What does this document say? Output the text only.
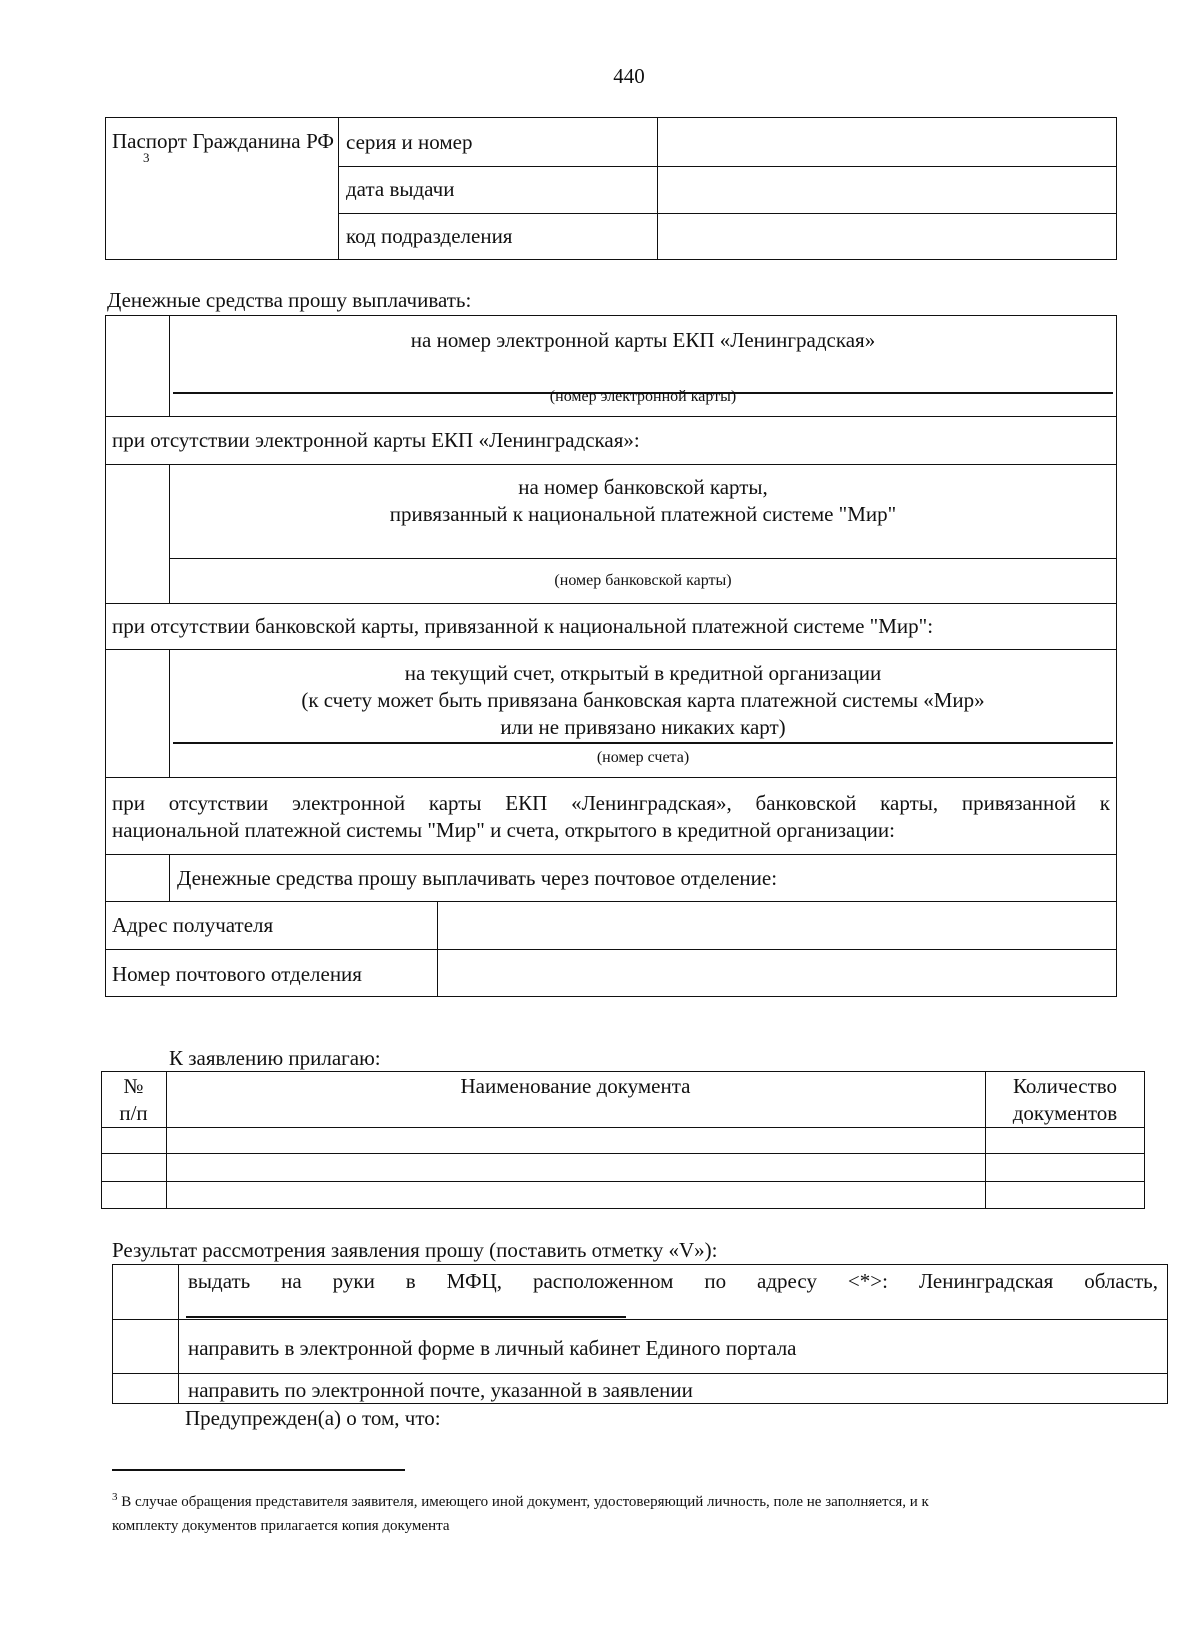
440
Паспорт Гражданина РФ
3
серия и номер
дата выдачи
код подразделения
Денежные средства прошу выплачивать:
на номер электронной карты ЕКП «Ленинградская»
(номер электронной карты)
при отсутствии электронной карты ЕКП «Ленинградская»:
на номер банковской карты,
привязанный к национальной платежной системе "Мир"
(номер банковской карты)
при отсутствии банковской карты, привязанной к национальной платежной системе "Мир":
на текущий счет, открытый в кредитной организации
(к счету может быть привязана банковская карта платежной системы «Мир»
или не привязано никаких карт)
(номер счета)
при отсутствии электронной карты ЕКП «Ленинградская», банковской карты, привязанной к
национальной платежной системы "Мир" и счета, открытого в кредитной организации:
Денежные средства прошу выплачивать через почтовое отделение:
Адрес получателя
Номер почтового отделения
К заявлению прилагаю:
№
п/п
Наименование документа	Количество
документов
Результат рассмотрения заявления прошу (поставить отметку «V»):
выдать на руки в МФЦ, расположенном по адресу <*>: Ленинградская область,
направить в электронной форме в личный кабинет Единого портала
направить по электронной почте, указанной в заявлении
Предупрежден(а) о том, что:
$^3$ В случае обращения представителя заявителя, имеющего иной документ, удостоверяющий личность, поле не заполняется, и к
комплекту документов прилагается копия документа
